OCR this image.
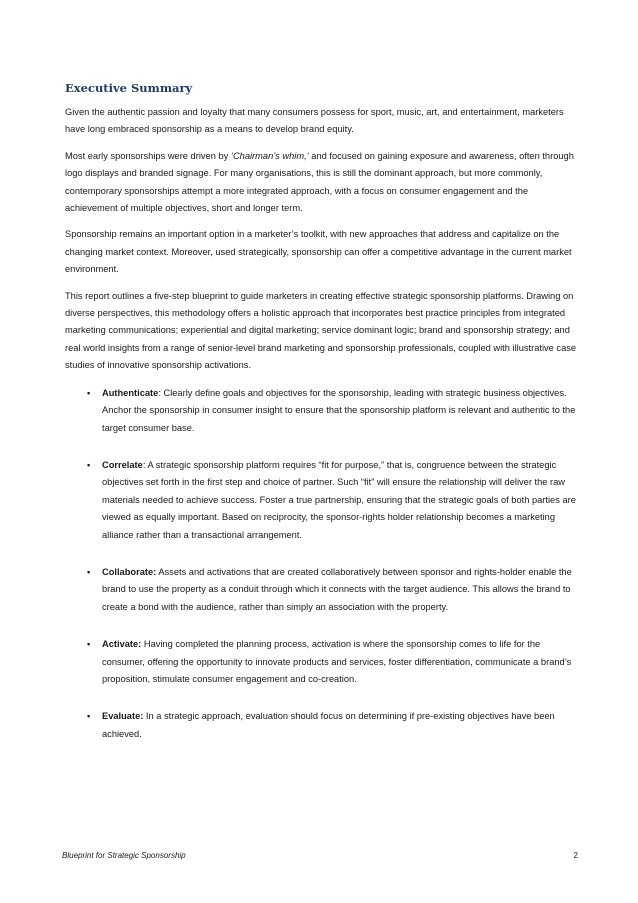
Executive Summary

Given the authentic passion and loyalty that many consumers possess for sport, music, art, and entertainment, marketers have long embraced sponsorship as a means to develop brand equity.

Most early sponsorships were driven by ‘Chairman’s whim,’ and focused on gaining exposure and awareness, often through logo displays and branded signage. For many organisations, this is still the dominant approach, but more commonly, contemporary sponsorships attempt a more integrated approach, with a focus on consumer engagement and the achievement of multiple objectives, short and longer term.

Sponsorship remains an important option in a marketer’s toolkit, with new approaches that address and capitalize on the changing market context. Moreover, used strategically, sponsorship can offer a competitive advantage in the current market environment.

This report outlines a five-step blueprint to guide marketers in creating effective strategic sponsorship platforms. Drawing on diverse perspectives, this methodology offers a holistic approach that incorporates best practice principles from integrated marketing communications; experiential and digital marketing; service dominant logic; brand and sponsorship strategy; and real world insights from a range of senior-level brand marketing and sponsorship professionals, coupled with illustrative case studies of innovative sponsorship activations.

•	Authenticate: Clearly define goals and objectives for the sponsorship, leading with strategic business objectives. Anchor the sponsorship in consumer insight to ensure that the sponsorship platform is relevant and authentic to the target consumer base.
•	Correlate: A strategic sponsorship platform requires “fit for purpose,” that is, congruence between the strategic objectives set forth in the first step and choice of partner. Such “fit” will ensure the relationship will deliver the raw materials needed to achieve success. Foster a true partnership, ensuring that the strategic goals of both parties are viewed as equally important. Based on reciprocity, the sponsor-rights holder relationship becomes a marketing alliance rather than a transactional arrangement.
•	Collaborate: Assets and activations that are created collaboratively between sponsor and rights-holder enable the brand to use the property as a conduit through which it connects with the target audience. This allows the brand to create a bond with the audience, rather than simply an association with the property.
•	Activate: Having completed the planning process, activation is where the sponsorship comes to life for the consumer, offering the opportunity to innovate products and services, foster differentiation, communicate a brand’s proposition, stimulate consumer engagement and co-creation.
•	Evaluate: In a strategic approach, evaluation should focus on determining if pre-existing objectives have been achieved.
Blueprint for Strategic Sponsorship	2
